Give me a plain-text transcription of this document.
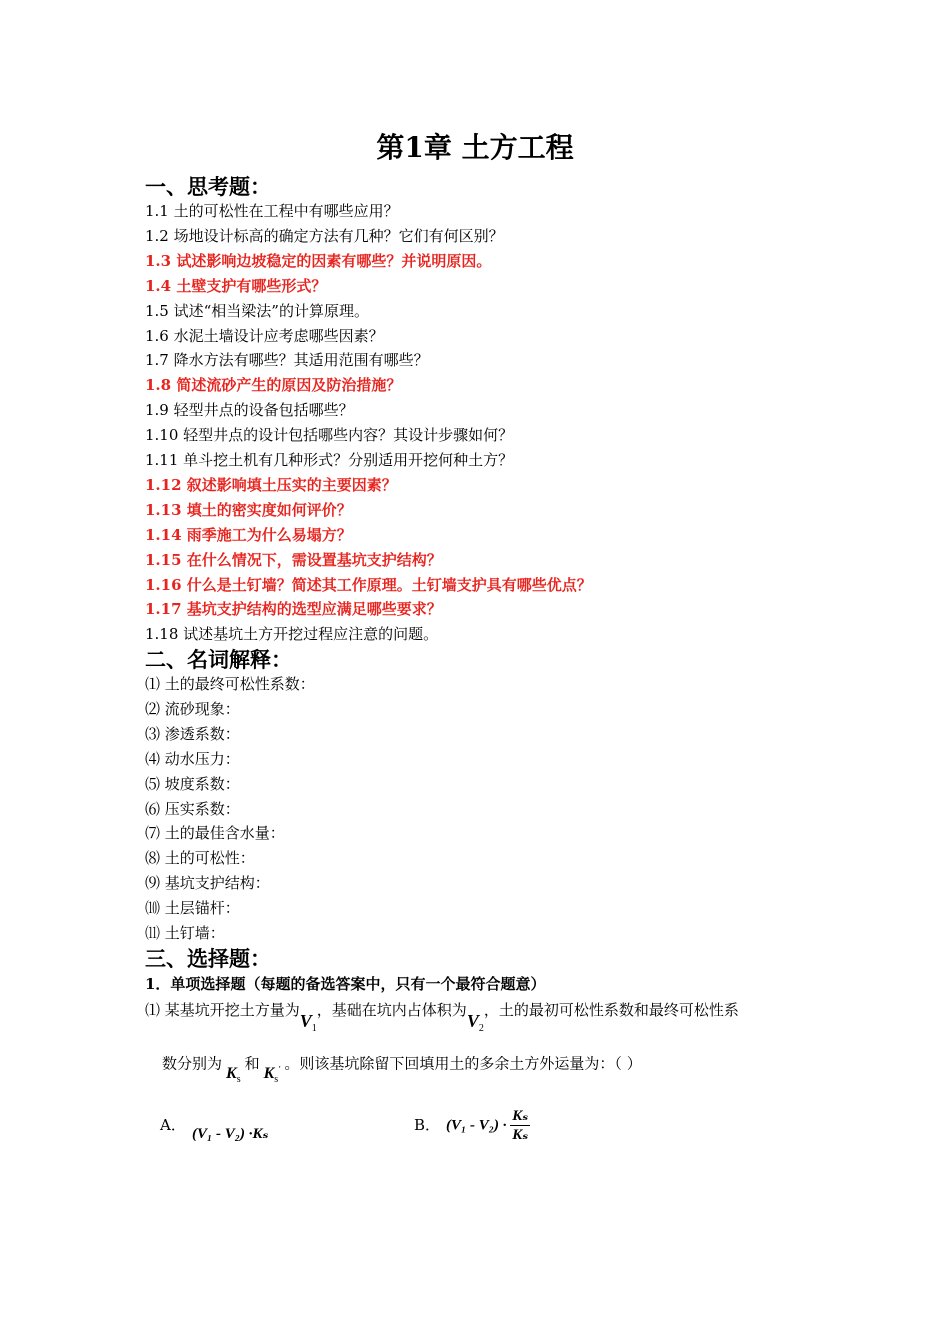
第1章 土方工程
一、思考题：
1.1 土的可松性在工程中有哪些应用？
1.2 场地设计标高的确定方法有几种？它们有何区别？
1.3 试述影响边坡稳定的因素有哪些？并说明原因。
1.4 土壁支护有哪些形式？
1.5 试述“相当梁法”的计算原理。
1.6 水泥土墙设计应考虑哪些因素？
1.7 降水方法有哪些？其适用范围有哪些？
1.8 简述流砂产生的原因及防治措施？
1.9 轻型井点的设备包括哪些？
1.10 轻型井点的设计包括哪些内容？其设计步骤如何？
1.11 单斗挖土机有几种形式？分别适用开挖何种土方？
1.12 叙述影响填土压实的主要因素？
1.13 填土的密实度如何评价？
1.14 雨季施工为什么易塌方？
1.15 在什么情况下，需设置基坑支护结构？
1.16 什么是土钉墙？简述其工作原理。土钉墙支护具有哪些优点？
1.17 基坑支护结构的选型应满足哪些要求？
1.18 试述基坑土方开挖过程应注意的问题。
二、名词解释：
⑴ 土的最终可松性系数：
⑵ 流砂现象：
⑶ 渗透系数：
⑷ 动水压力：
⑸ 坡度系数：
⑹ 压实系数：
⑺ 土的最佳含水量：
⑻ 土的可松性：
⑼ 基坑支护结构：
⑽ 土层锚杆：
⑾ 土钉墙：
三、选择题：
1．单项选择题（每题的备选答案中，只有一个最符合题意）
⑴ 某基坑开挖土方量为$V_1$，基础在坑内占体积为$V_2$，土的最初可松性系数和最终可松性系
数分别为$K_s$和$K_s'$ 。则该基坑除留下回填用土的多余土方外运量为：（ ）
A． (V₁ - V₂) ·Kₛ	B． $(V_1 - V_2) \cdot \frac{\text{Kₛ}}{\text{Kₛ}}$
